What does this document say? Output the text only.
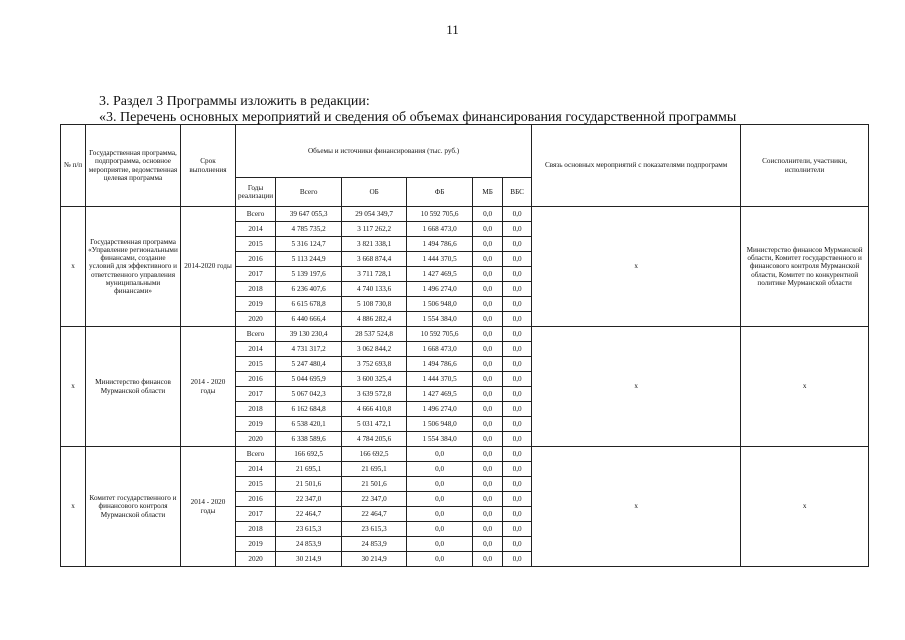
11
3. Раздел 3 Программы изложить в редакции:
«3. Перечень основных мероприятий и сведения об объемах финансирования государственной программы
№ п/п	Государственная программа, подпрограмма, основное мероприятие, ведомственная целевая программа	Срок выполнения	Объемы и источники финансирования (тыс. руб.)						Связь основных мероприятий с показателями подпрограмм	Соисполнители, участники, исполнители
			Годы реализации	Всего	ОБ	ФБ	МБ	ВБС		
х	Государственная программа «Управление региональными финансами, создание условий для эффективного и ответственного управления муниципальными финансами»	2014-2020 годы	Всего	39 647 055,3	29 054 349,7	10 592 705,6	0,0	0,0	х	Министерство финансов Мурманской области, Комитет государственного и финансового контроля Мурманской области, Комитет по конкурентной политике Мурманской области
			2014	4 785 735,2	3 117 262,2	1 668 473,0	0,0	0,0		
			2015	5 316 124,7	3 821 338,1	1 494 786,6	0,0	0,0		
			2016	5 113 244,9	3 668 874,4	1 444 370,5	0,0	0,0		
			2017	5 139 197,6	3 711 728,1	1 427 469,5	0,0	0,0		
			2018	6 236 407,6	4 740 133,6	1 496 274,0	0,0	0,0		
			2019	6 615 678,8	5 108 730,8	1 506 948,0	0,0	0,0		
			2020	6 440 666,4	4 886 282,4	1 554 384,0	0,0	0,0		
х	Министерство финансов Мурманской области	2014 - 2020 годы	Всего	39 130 230,4	28 537 524,8	10 592 705,6	0,0	0,0	х	х
			2014	4 731 317,2	3 062 844,2	1 668 473,0	0,0	0,0		
			2015	5 247 480,4	3 752 693,8	1 494 786,6	0,0	0,0		
			2016	5 044 695,9	3 600 325,4	1 444 370,5	0,0	0,0		
			2017	5 067 042,3	3 639 572,8	1 427 469,5	0,0	0,0		
			2018	6 162 684,8	4 666 410,8	1 496 274,0	0,0	0,0		
			2019	6 538 420,1	5 031 472,1	1 506 948,0	0,0	0,0		
			2020	6 338 589,6	4 784 205,6	1 554 384,0	0,0	0,0		
х	Комитет государственного и финансового контроля Мурманской области	2014 - 2020 годы	Всего	166 692,5	166 692,5	0,0	0,0	0,0	х	х
			2014	21 695,1	21 695,1	0,0	0,0	0,0		
			2015	21 501,6	21 501,6	0,0	0,0	0,0		
			2016	22 347,0	22 347,0	0,0	0,0	0,0		
			2017	22 464,7	22 464,7	0,0	0,0	0,0		
			2018	23 615,3	23 615,3	0,0	0,0	0,0		
			2019	24 853,9	24 853,9	0,0	0,0	0,0		
			2020	30 214,9	30 214,9	0,0	0,0	0,0		
